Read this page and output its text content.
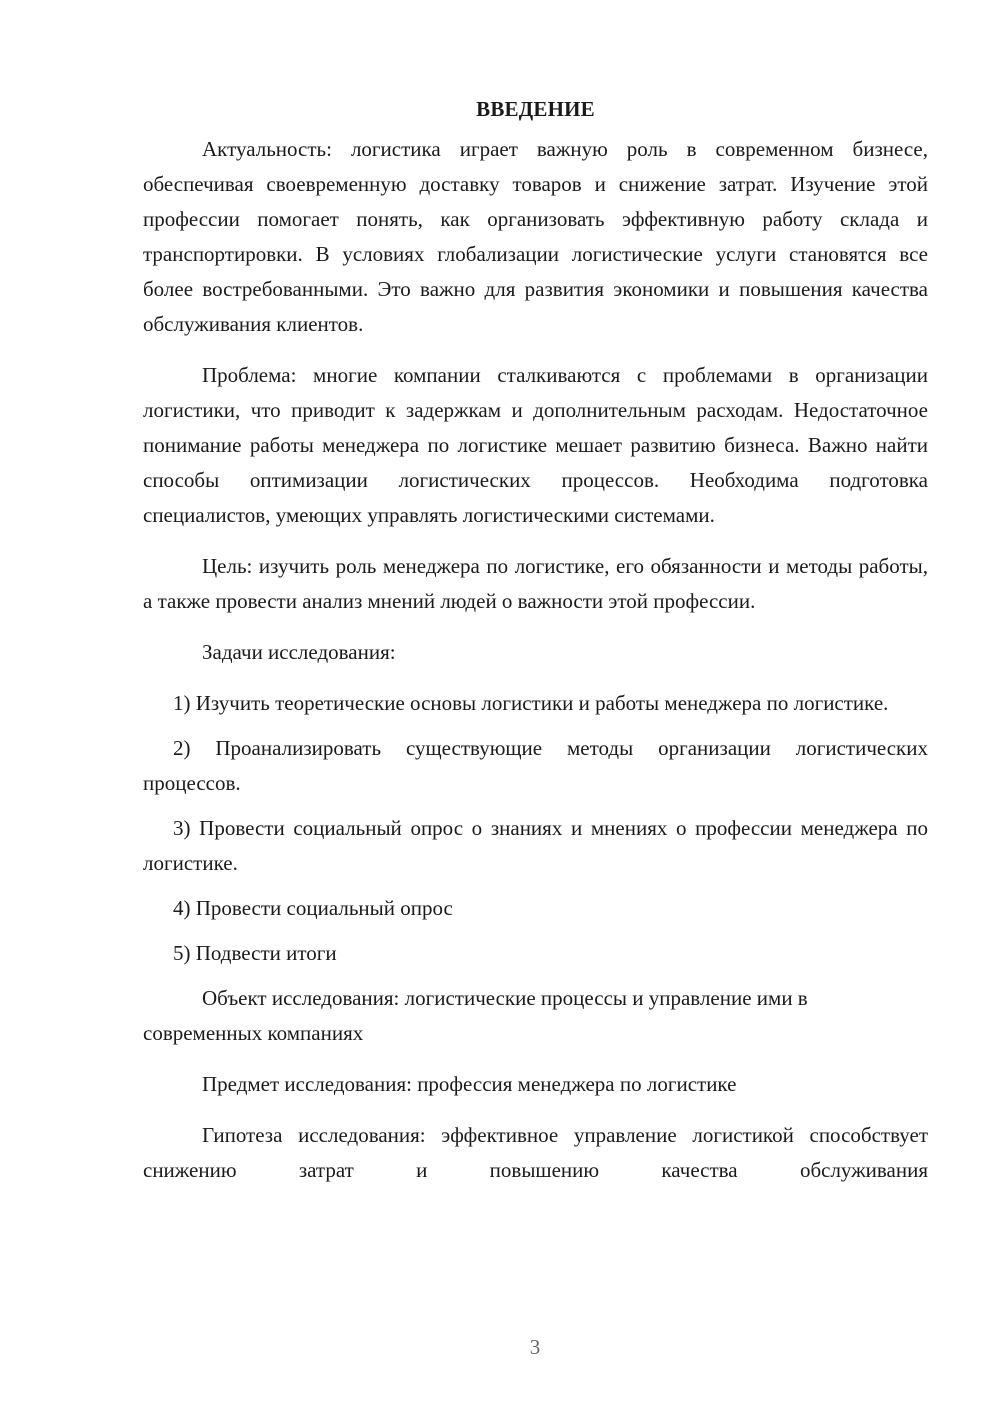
ВВЕДЕНИЕ

Актуальность: логистика играет важную роль в современном бизнесе, обеспечивая своевременную доставку товаров и снижение затрат. Изучение этой профессии помогает понять, как организовать эффективную работу склада и транспортировки. В условиях глобализации логистические услуги становятся все более востребованными. Это важно для развития экономики и повышения качества обслуживания клиентов.

Проблема: многие компании сталкиваются с проблемами в организации логистики, что приводит к задержкам и дополнительным расходам. Недостаточное понимание работы менеджера по логистике мешает развитию бизнеса. Важно найти способы оптимизации логистических процессов. Необходима подготовка специалистов, умеющих управлять логистическими системами.

Цель: изучить роль менеджера по логистике, его обязанности и методы работы, а также провести анализ мнений людей о важности этой профессии.

Задачи исследования:

1) Изучить теоретические основы логистики и работы менеджера по логистике.

2) Проанализировать существующие методы организации логистических процессов.

3) Провести социальный опрос о знаниях и мнениях о профессии менеджера по логистике.

4) Провести социальный опрос

5) Подвести итоги

Объект исследования: логистические процессы и управление ими в современных компаниях

Предмет исследования: профессия менеджера по логистике

Гипотеза исследования: эффективное управление логистикой способствует снижению затрат и повышению качества обслуживания

3
